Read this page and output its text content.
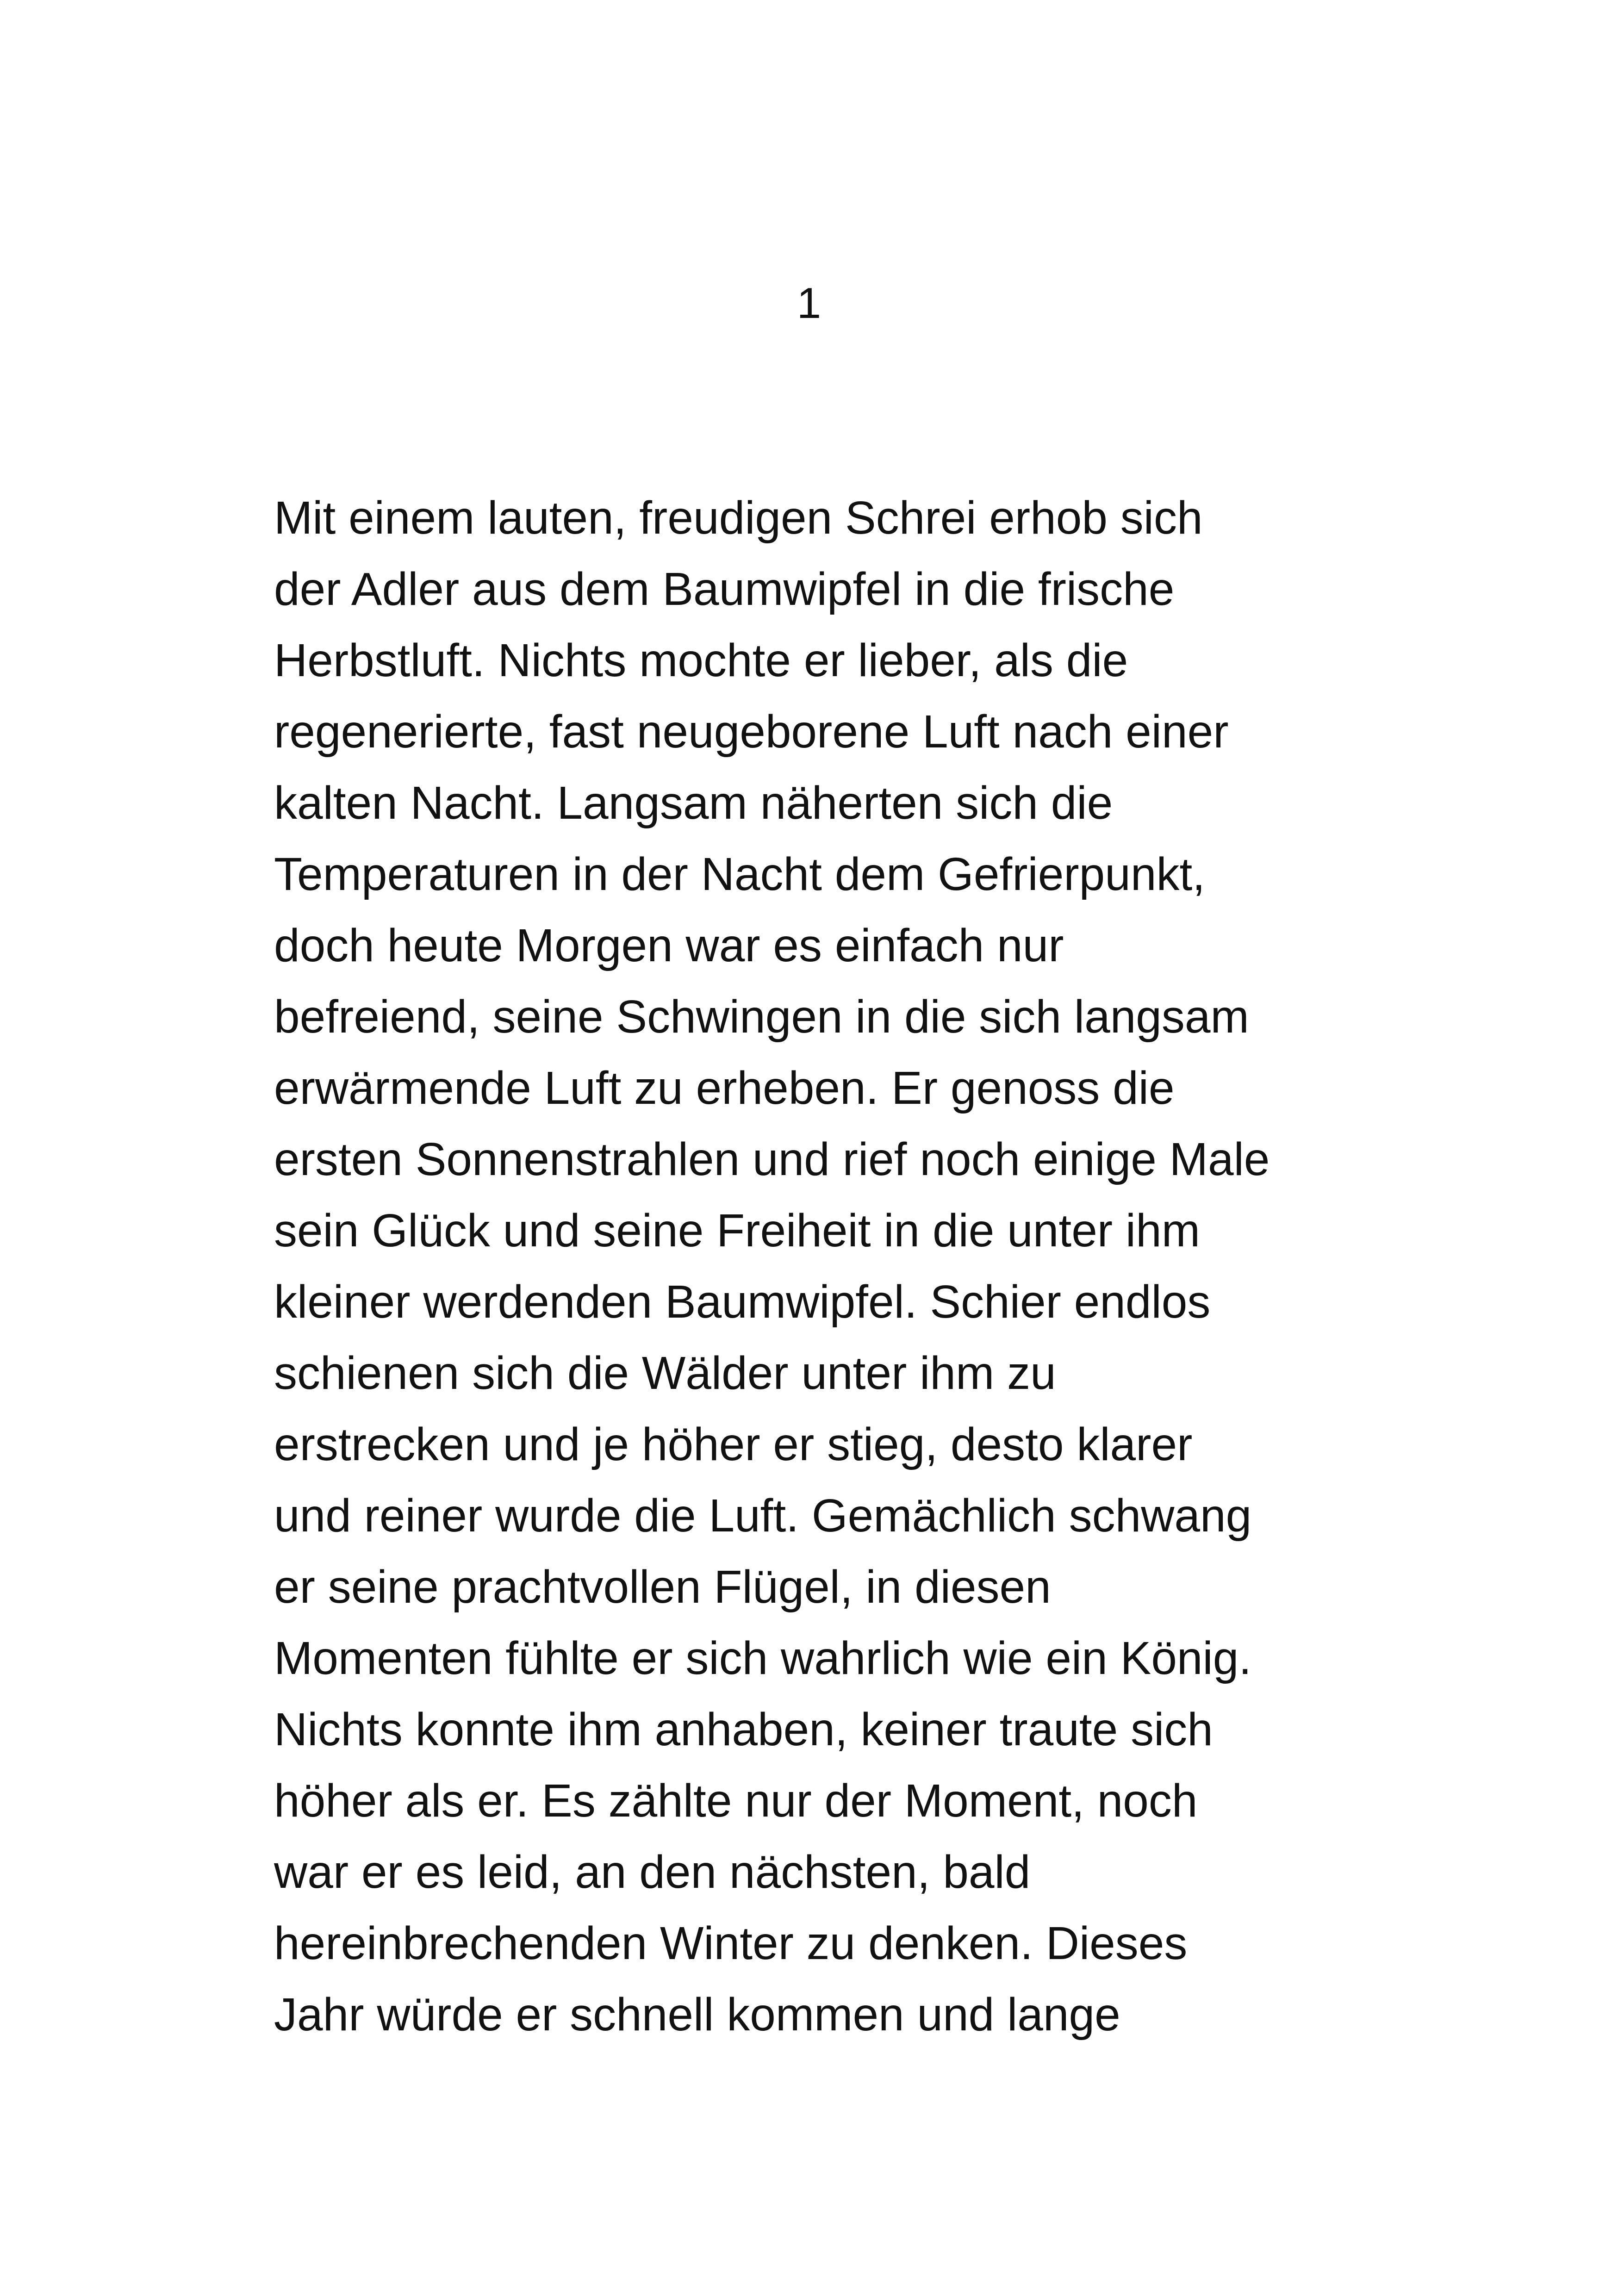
1
Mit einem lauten, freudigen Schrei erhob sich
der Adler aus dem Baumwipfel in die frische
Herbstluft. Nichts mochte er lieber, als die
regenerierte, fast neugeborene Luft nach einer
kalten Nacht. Langsam näherten sich die
Temperaturen in der Nacht dem Gefrierpunkt,
doch heute Morgen war es einfach nur
befreiend, seine Schwingen in die sich langsam
erwärmende Luft zu erheben. Er genoss die
ersten Sonnenstrahlen und rief noch einige Male
sein Glück und seine Freiheit in die unter ihm
kleiner werdenden Baumwipfel. Schier endlos
schienen sich die Wälder unter ihm zu
erstrecken und je höher er stieg, desto klarer
und reiner wurde die Luft. Gemächlich schwang
er seine prachtvollen Flügel, in diesen
Momenten fühlte er sich wahrlich wie ein König.
Nichts konnte ihm anhaben, keiner traute sich
höher als er. Es zählte nur der Moment, noch
war er es leid, an den nächsten, bald
hereinbrechenden Winter zu denken. Dieses
Jahr würde er schnell kommen und lange
